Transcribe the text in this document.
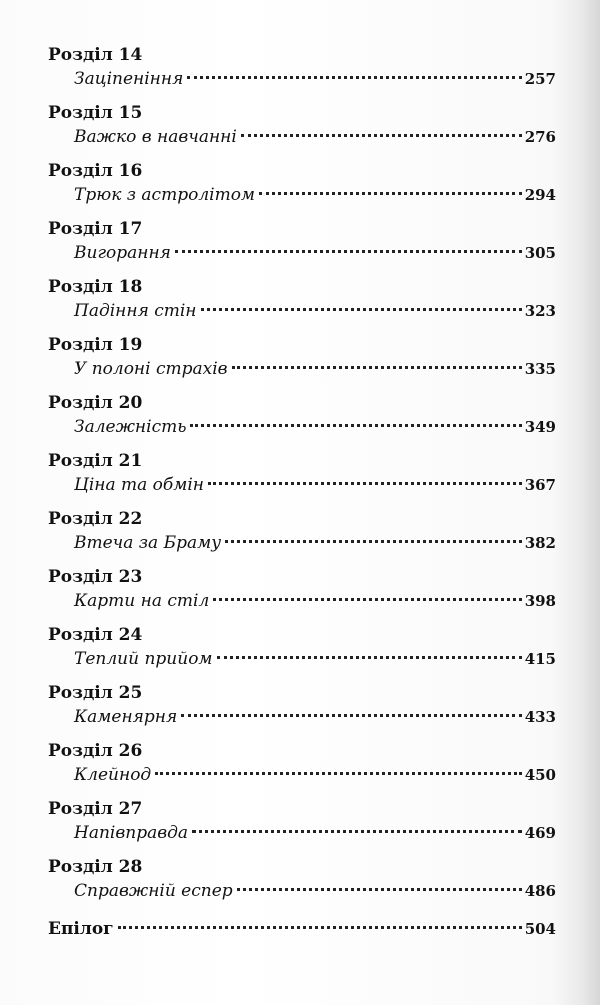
Розділ 14
Заціпеніння	257
Розділ 15
Важко в навчанні	276
Розділ 16
Трюк з астролітом	294
Розділ 17
Вигорання	305
Розділ 18
Падіння стін	323
Розділ 19
У полоні страхів	335
Розділ 20
Залежність	349
Розділ 21
Ціна та обмін	367
Розділ 22
Втеча за Браму	382
Розділ 23
Карти на стіл	398
Розділ 24
Теплий прийом	415
Розділ 25
Каменярня	433
Розділ 26
Клейнод	450
Розділ 27
Напівправда	469
Розділ 28
Справжній еспер	486
Епілог	504
